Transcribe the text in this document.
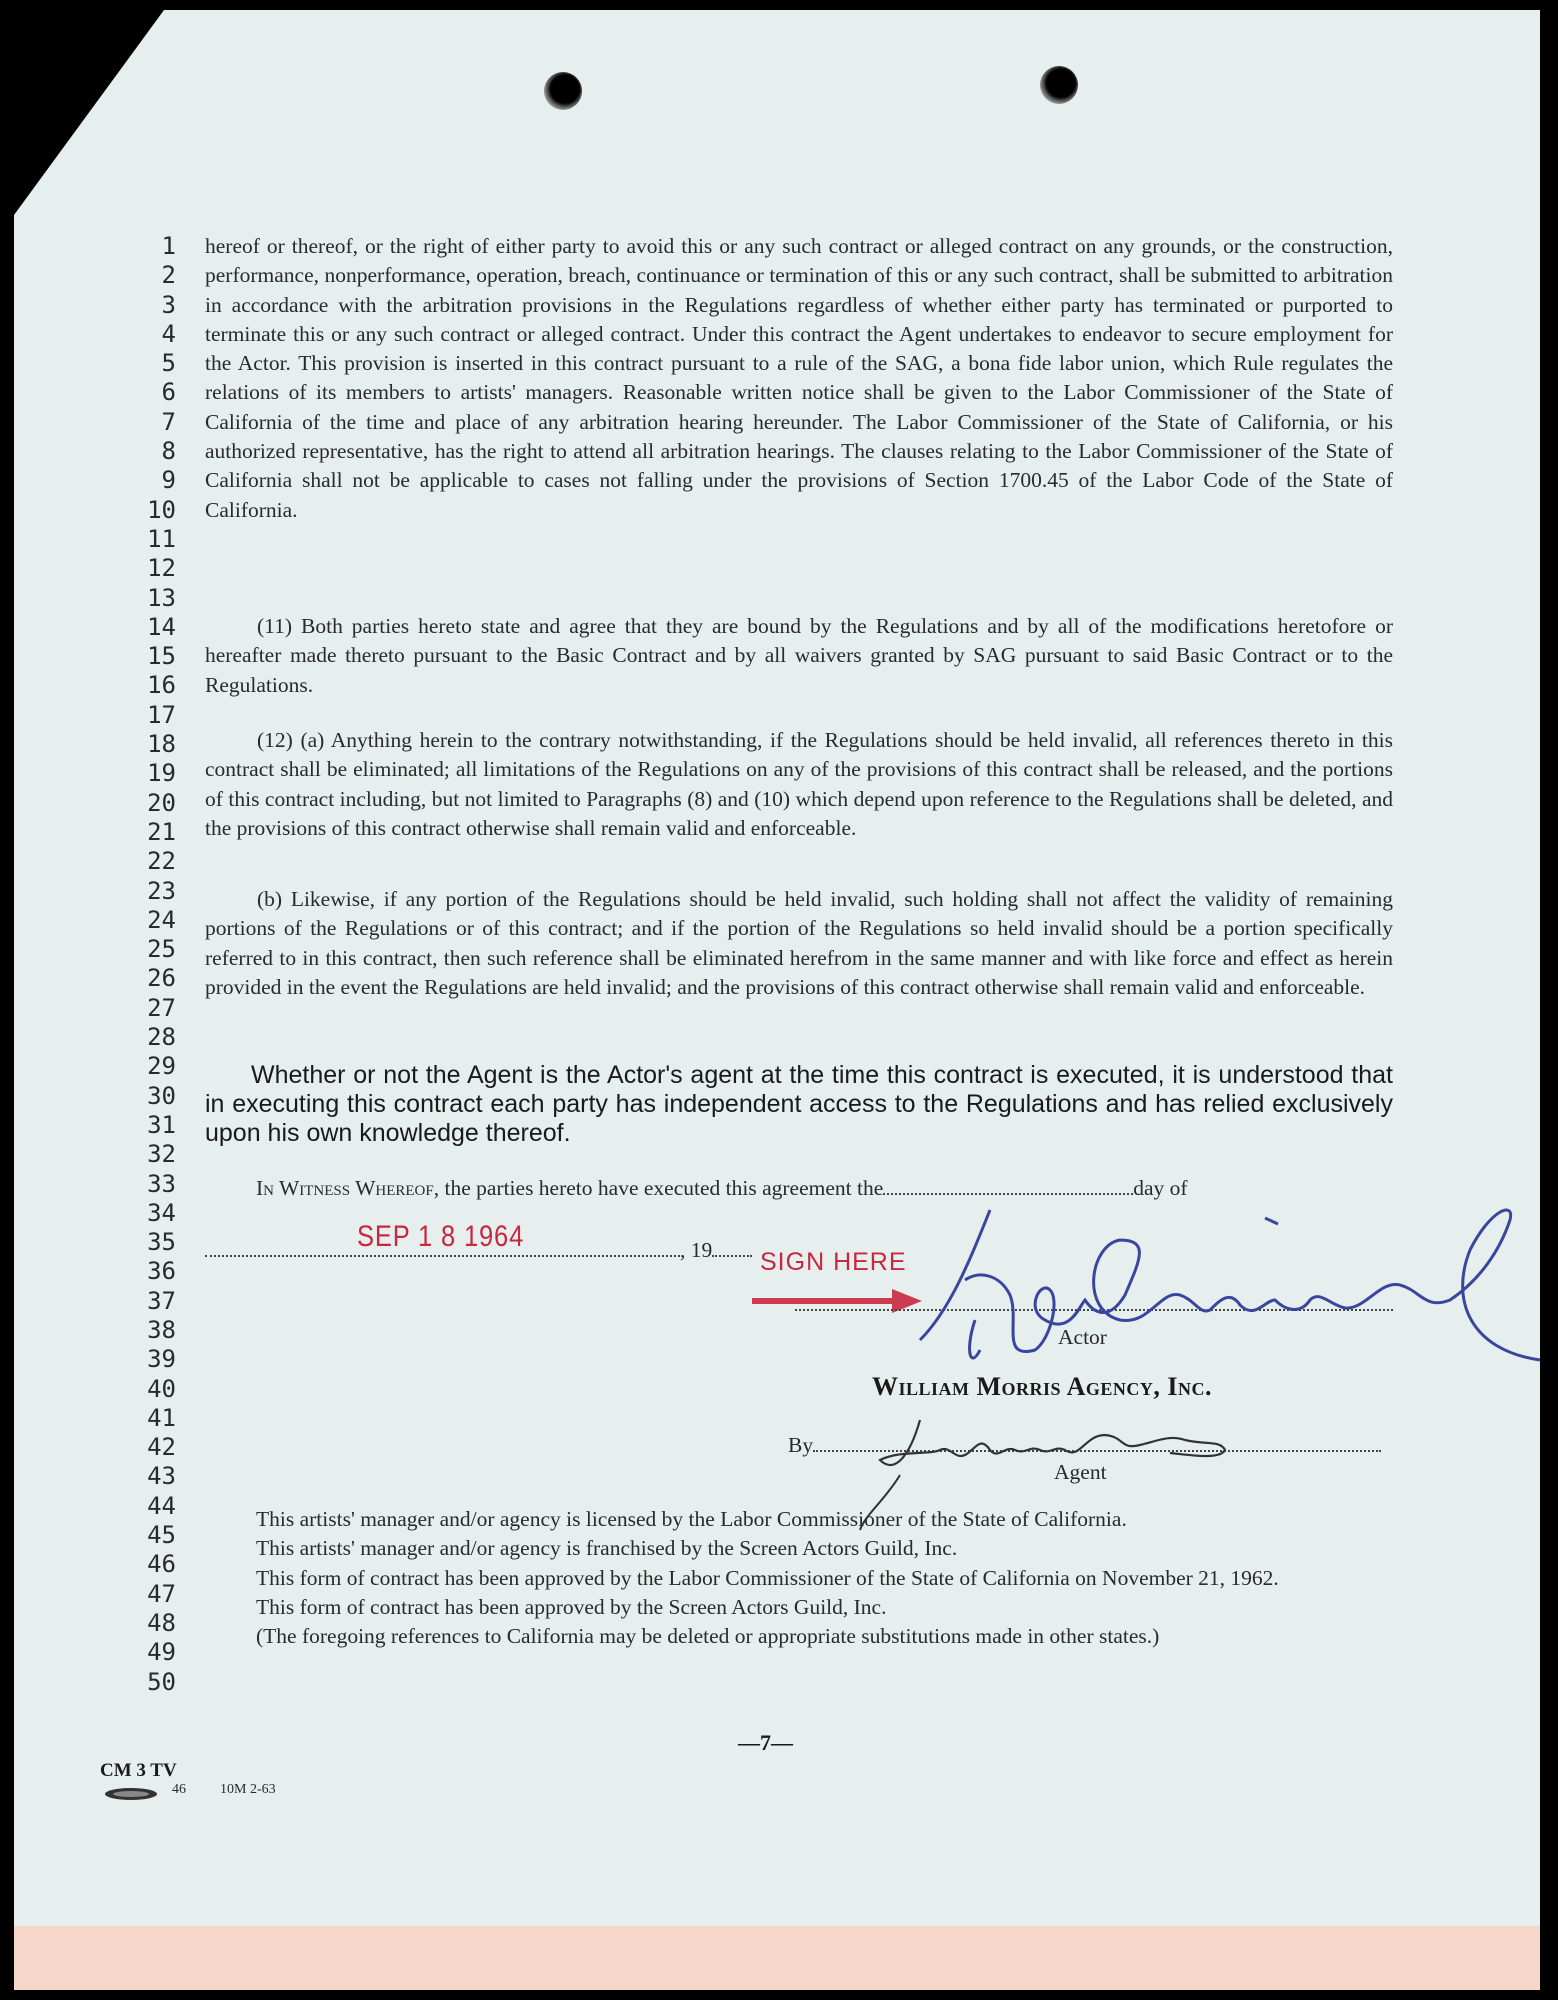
1
2
3
4
5
6
7
8
9
10
11
12
13
14
15
16
17
18
19
20
21
22
23
24
25
26
27
28
29
30
31
32
33
34
35
36
37
38
39
40
41
42
43
44
45
46
47
48
49
50

hereof or thereof, or the right of either party to avoid this or any such contract or alleged contract on any grounds, or the construction, performance, nonperformance, operation, breach, continuance or termination of this or any such contract, shall be submitted to arbitration in accordance with the arbitration provisions in the Regulations regardless of whether either party has terminated or purported to terminate this or any such contract or alleged contract. Under this contract the Agent undertakes to endeavor to secure employment for the Actor. This provision is inserted in this contract pursuant to a rule of the SAG, a bona fide labor union, which Rule regulates the relations of its members to artists' managers. Reasonable written notice shall be given to the Labor Commissioner of the State of California of the time and place of any arbitration hearing hereunder. The Labor Commissioner of the State of California, or his authorized representative, has the right to attend all arbitration hearings. The clauses relating to the Labor Commissioner of the State of California shall not be applicable to cases not falling under the provisions of Section 1700.45 of the Labor Code of the State of California.

(11) Both parties hereto state and agree that they are bound by the Regulations and by all of the modifications heretofore or hereafter made thereto pursuant to the Basic Contract and by all waivers granted by SAG pursuant to said Basic Contract or to the Regulations.

(12) (a) Anything herein to the contrary notwithstanding, if the Regulations should be held invalid, all references thereto in this contract shall be eliminated; all limitations of the Regulations on any of the provisions of this contract shall be released, and the portions of this contract including, but not limited to Paragraphs (8) and (10) which depend upon reference to the Regulations shall be deleted, and the provisions of this contract otherwise shall remain valid and enforceable.

(b) Likewise, if any portion of the Regulations should be held invalid, such holding shall not affect the validity of remaining portions of the Regulations or of this contract; and if the portion of the Regulations so held invalid should be a portion specifically referred to in this contract, then such reference shall be eliminated herefrom in the same manner and with like force and effect as herein provided in the event the Regulations are held invalid; and the provisions of this contract otherwise shall remain valid and enforceable.

Whether or not the Agent is the Actor's agent at the time this contract is executed, it is understood that in executing this contract each party has independent access to the Regulations and has relied exclusively upon his own knowledge thereof.
In Witness Whereof, the parties hereto have executed this agreement the	day of
, 19
SEP 1 8 1964
SIGN HERE
Actor
William Morris Agency, Inc.
By
Agent
This artists' manager and/or agency is licensed by the Labor Commissioner of the State of California.
This artists' manager and/or agency is franchised by the Screen Actors Guild, Inc.
This form of contract has been approved by the Labor Commissioner of the State of California on November 21, 1962.
This form of contract has been approved by the Screen Actors Guild, Inc.
(The foregoing references to California may be deleted or appropriate substitutions made in other states.)
—7—
CM 3 TV
46 10M 2-63
